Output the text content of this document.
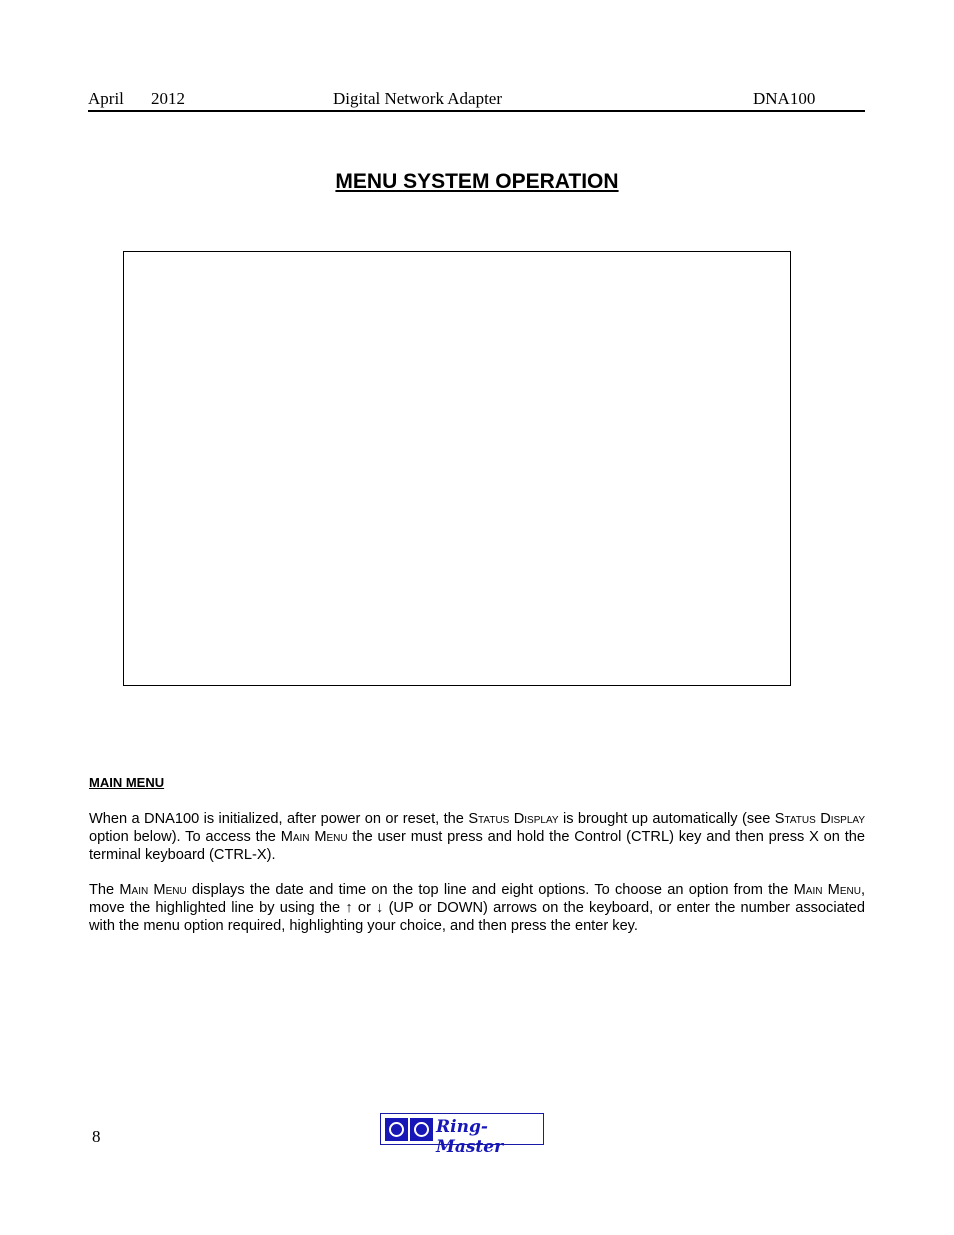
April 2012	Digital Network Adapter	DNA100
MENU SYSTEM OPERATION
MAIN MENU

When a DNA100 is initialized, after power on or reset, the Status Display is brought up automatically (see Status Display option below). To access the Main Menu the user must press and hold the Control (CTRL) key and then press X on the terminal keyboard (CTRL-X).

The Main Menu displays the date and time on the top line and eight options. To choose an option from the Main Menu, move the highlighted line by using the ↑ or ↓ (UP or DOWN) arrows on the keyboard, or enter the number associated with the menu option required, highlighting your choice, and then press the enter key.

8	Ring-Master
